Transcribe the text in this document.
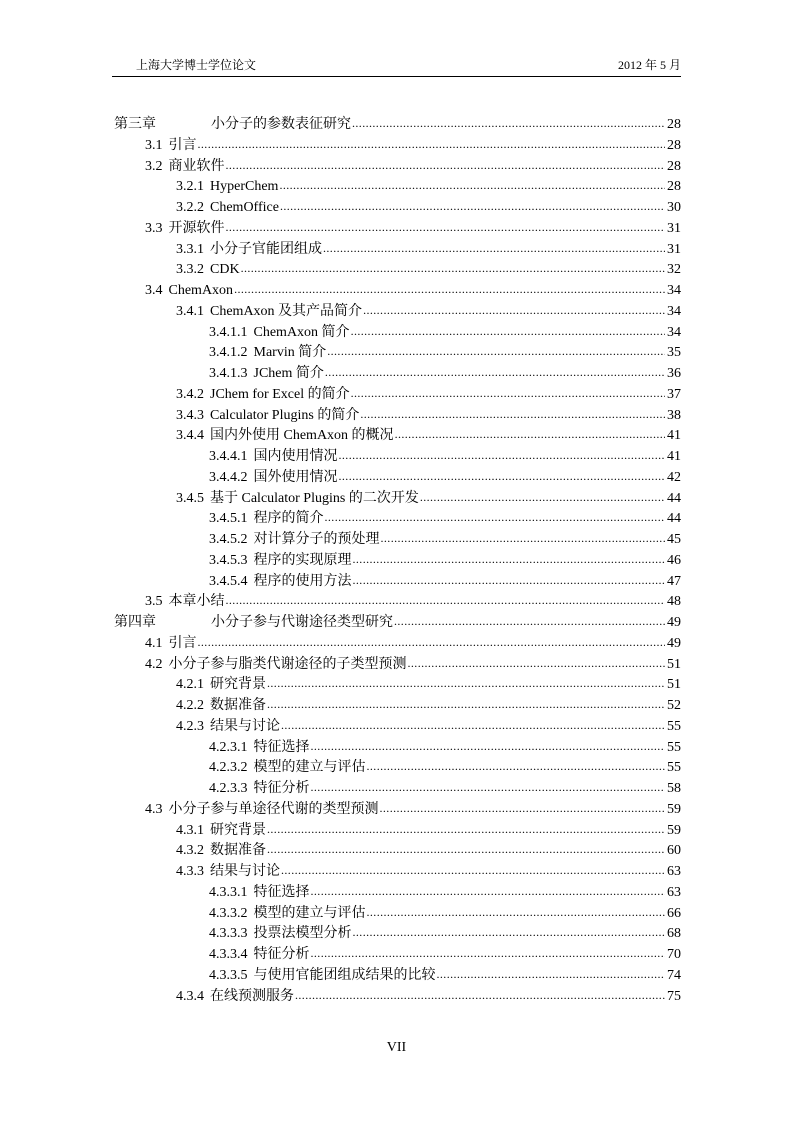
上海大学博士学位论文	2012 年 5 月
第三章	小分子的参数表征研究 .....	28
3.1 引言 .....	28
3.2 商业软件 .....	28
3.2.1 HyperChem .....	28
3.2.2 ChemOffice .....	30
3.3 开源软件 .....	31
3.3.1 小分子官能团组成 .....	31
3.3.2 CDK .....	32
3.4 ChemAxon .....	34
3.4.1 ChemAxon 及其产品简介 .....	34
3.4.1.1 ChemAxon 简介 .....	34
3.4.1.2 Marvin 简介 .....	35
3.4.1.3 JChem 简介 .....	36
3.4.2 JChem for Excel 的简介 .....	37
3.4.3 Calculator Plugins 的简介 .....	38
3.4.4 国内外使用 ChemAxon 的概况 .....	41
3.4.4.1 国内使用情况 .....	41
3.4.4.2 国外使用情况 .....	42
3.4.5 基于 Calculator Plugins 的二次开发 .....	44
3.4.5.1 程序的简介 .....	44
3.4.5.2 对计算分子的预处理 .....	45
3.4.5.3 程序的实现原理 .....	46
3.4.5.4 程序的使用方法 .....	47
3.5 本章小结 .....	48
第四章	小分子参与代谢途径类型研究 .....	49
4.1 引言 .....	49
4.2 小分子参与脂类代谢途径的子类型预测 .....	51
4.2.1 研究背景 .....	51
4.2.2 数据准备 .....	52
4.2.3 结果与讨论 .....	55
4.2.3.1 特征选择 .....	55
4.2.3.2 模型的建立与评估 .....	55
4.2.3.3 特征分析 .....	58
4.3 小分子参与单途径代谢的类型预测 .....	59
4.3.1 研究背景 .....	59
4.3.2 数据准备 .....	60
4.3.3 结果与讨论 .....	63
4.3.3.1 特征选择 .....	63
4.3.3.2 模型的建立与评估 .....	66
4.3.3.3 投票法模型分析 .....	68
4.3.3.4 特征分析 .....	70
4.3.3.5 与使用官能团组成结果的比较 .....	74
4.3.4 在线预测服务 .....	75
VII
